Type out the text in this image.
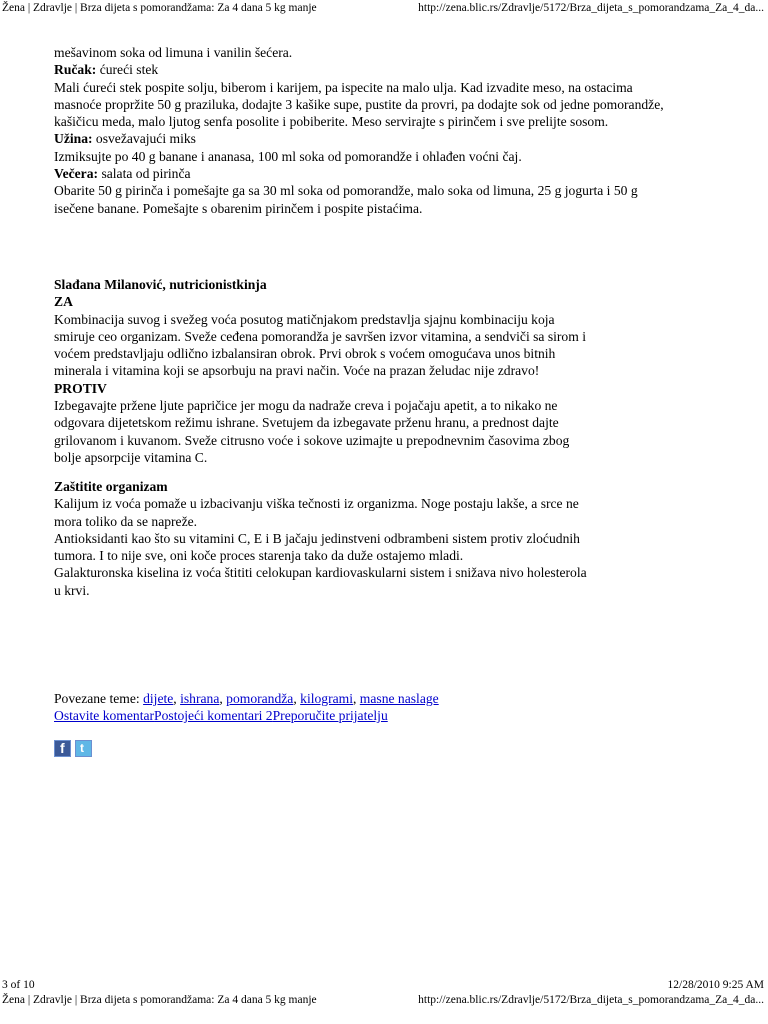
Žena | Zdravlje | Brza dijeta s pomorandžama: Za 4 dana 5 kg manje	http://zena.blic.rs/Zdravlje/5172/Brza_dijeta_s_pomorandzama_Za_4_da...

mešavinom soka od limuna i vanilin šećera.

Ručak: ćureći stek

Mali ćureći stek pospite solju, biberom i karijem, pa ispecite na malo ulja. Kad izvadite meso, na ostacima

masnoće propržite 50 g praziluka, dodajte 3 kašike supe, pustite da provri, pa dodajte sok od jedne pomorandže,

kašičicu meda, malo ljutog senfa posolite i pobiberite. Meso servirajte s pirinčem i sve prelijte sosom.

Užina: osvežavajući miks

Izmiksujte po 40 g banane i ananasa, 100 ml soka od pomorandže i ohlađen voćni čaj.

Večera: salata od pirinča

Obarite 50 g pirinča i pomešajte ga sa 30 ml soka od pomorandže, malo soka od limuna, 25 g jogurta i 50 g

isečene banane. Pomešajte s obarenim pirinčem i pospite pistaćima.

Slađana Milanović, nutricionistkinja

ZA

Kombinacija suvog i svežeg voća posutog matičnjakom predstavlja sjajnu kombinaciju koja

smiruje ceo organizam. Sveže ceđena pomorandža je savršen izvor vitamina, a sendviči sa sirom i

voćem predstavljaju odlično izbalansiran obrok. Prvi obrok s voćem omogućava unos bitnih

minerala i vitamina koji se apsorbuju na pravi način. Voće na prazan želudac nije zdravo!

PROTIV

Izbegavajte pržene ljute papričice jer mogu da nadraže creva i pojačaju apetit, a to nikako ne

odgovara dijetetskom režimu ishrane. Svetujem da izbegavate prženu hranu, a prednost dajte

grilovanom i kuvanom. Sveže citrusno voće i sokove uzimajte u prepodnevnim časovima zbog

bolje apsorpcije vitamina C.

Zaštitite organizam

Kalijum iz voća pomaže u izbacivanju viška tečnosti iz organizma. Noge postaju lakše, a srce ne

mora toliko da se napreže.

Antioksidanti kao što su vitamini C, E i B jačaju jedinstveni odbrambeni sistem protiv zloćudnih

tumora. I to nije sve, oni koče proces starenja tako da duže ostajemo mladi.

Galakturonska kiselina iz voća štititi celokupan kardiovaskularni sistem i snižava nivo holesterola

u krvi.

Povezane teme: dijete, ishrana, pomorandža, kilogrami, masne naslage

Ostavite komentarPostojeći komentari 2Preporučite prijatelju

f t
3 of 10	12/28/2010 9:25 AM
Žena | Zdravlje | Brza dijeta s pomorandžama: Za 4 dana 5 kg manje	http://zena.blic.rs/Zdravlje/5172/Brza_dijeta_s_pomorandzama_Za_4_da...
